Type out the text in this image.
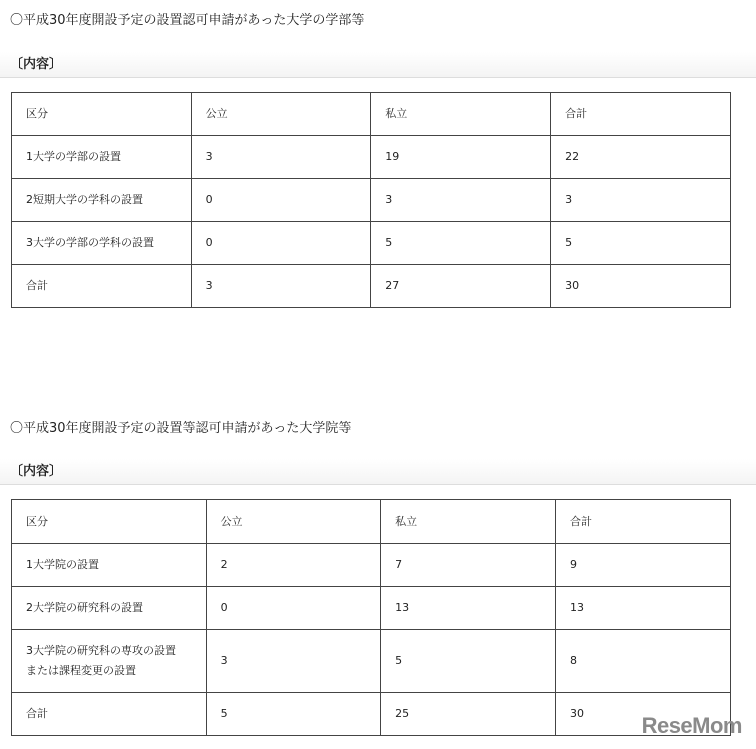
〇平成30年度開設予定の設置認可申請があった大学の学部等
〔内容〕
区分	公立	私立	合計
1大学の学部の設置	3	19	22
2短期大学の学科の設置	0	3	3
3大学の学部の学科の設置	0	5	5
合計	3	27	30
〇平成30年度開設予定の設置等認可申請があった大学院等
〔内容〕
区分	公立	私立	合計
1大学院の設置	2	7	9
2大学院の研究科の設置	0	13	13
3大学院の研究科の専攻の設置または課程変更の設置	3	5	8
合計	5	25	30	ReseMom
